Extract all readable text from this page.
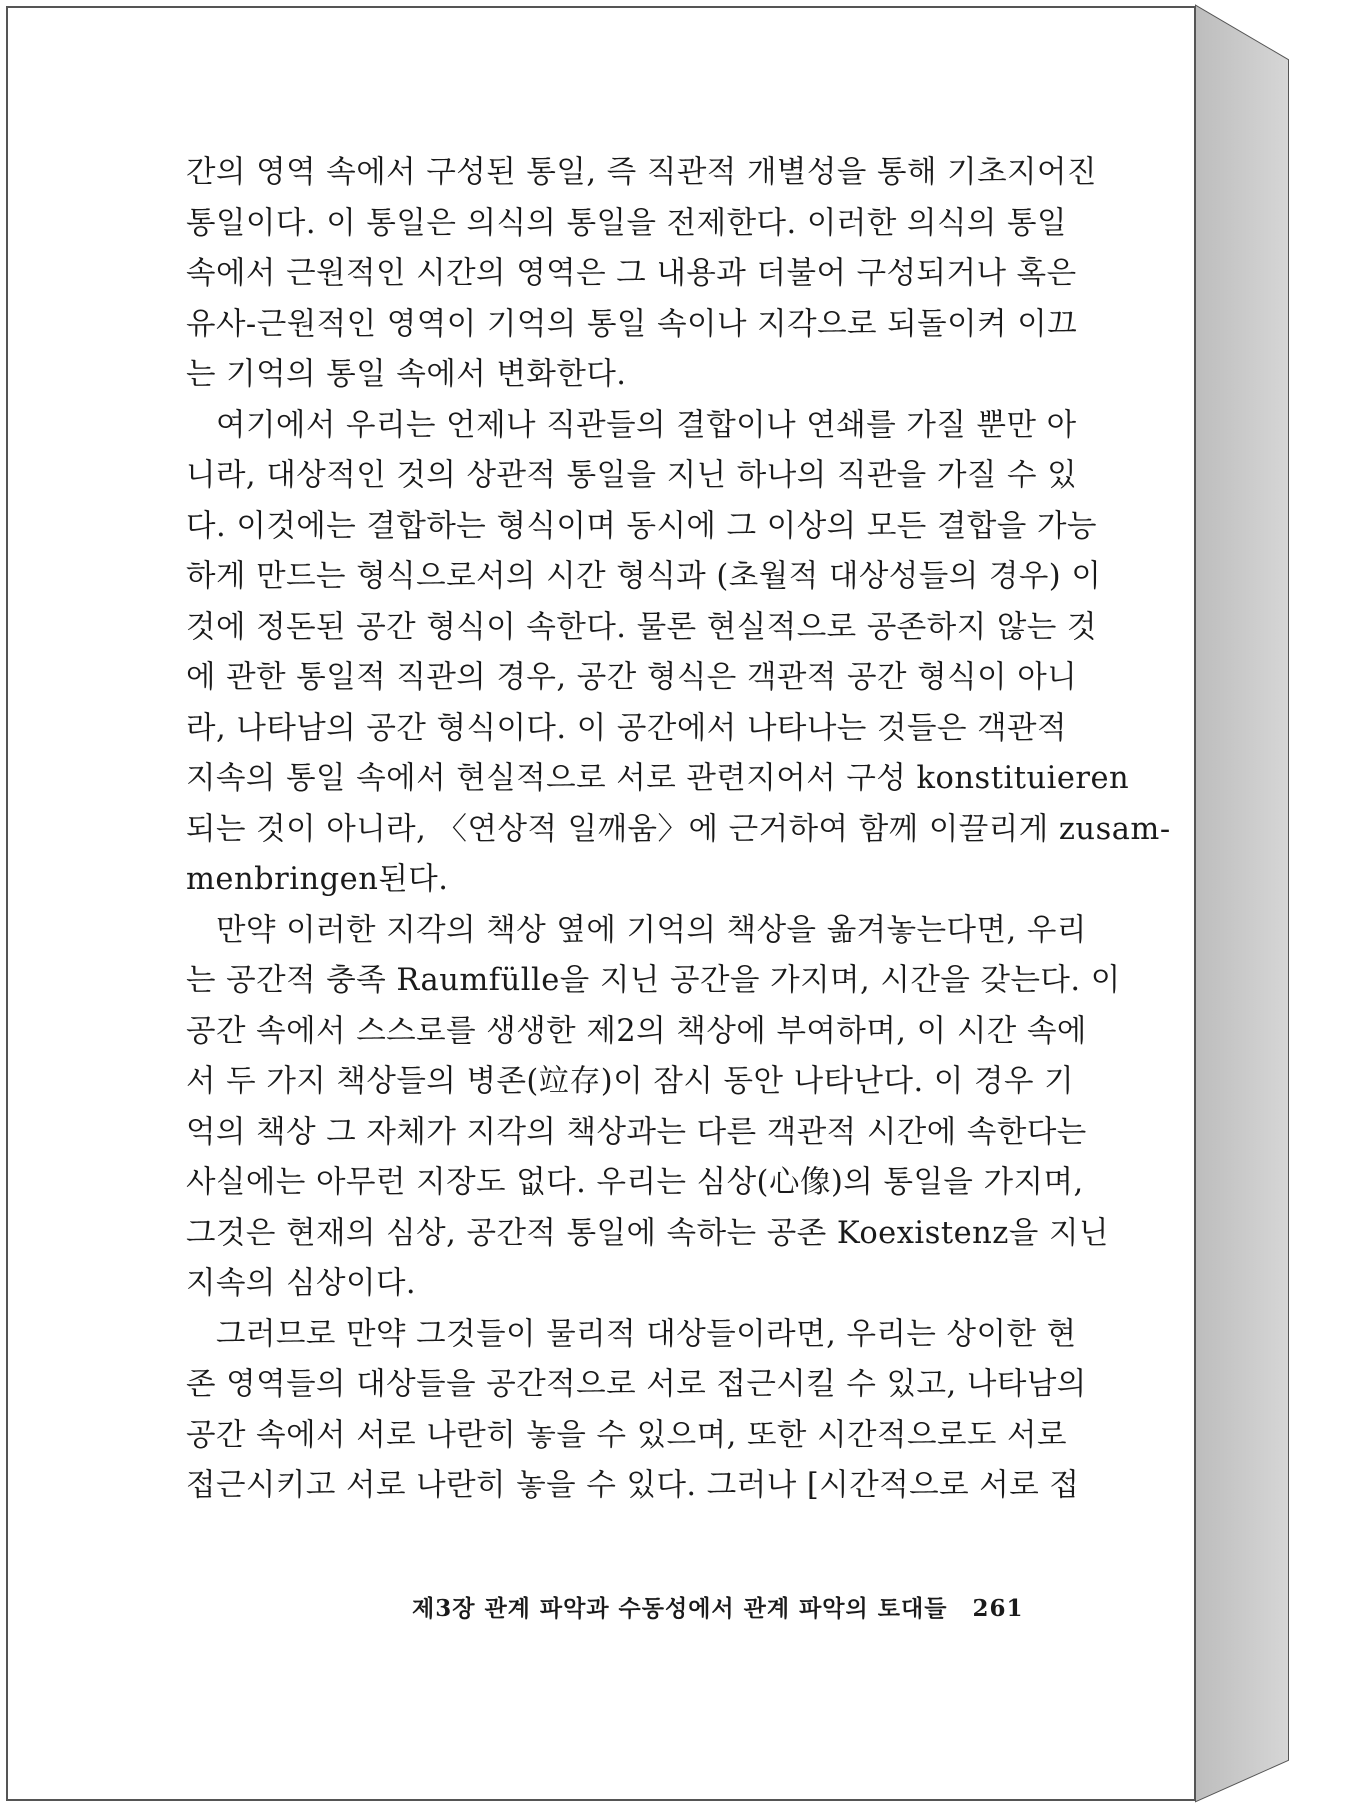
간의 영역 속에서 구성된 통일, 즉 직관적 개별성을 통해 기초지어진
통일이다. 이 통일은 의식의 통일을 전제한다. 이러한 의식의 통일
속에서 근원적인 시간의 영역은 그 내용과 더불어 구성되거나 혹은
유사-근원적인 영역이 기억의 통일 속이나 지각으로 되돌이켜 이끄
는 기억의 통일 속에서 변화한다.
여기에서 우리는 언제나 직관들의 결합이나 연쇄를 가질 뿐만 아
니라, 대상적인 것의 상관적 통일을 지닌 하나의 직관을 가질 수 있
다. 이것에는 결합하는 형식이며 동시에 그 이상의 모든 결합을 가능
하게 만드는 형식으로서의 시간 형식과 (초월적 대상성들의 경우) 이
것에 정돈된 공간 형식이 속한다. 물론 현실적으로 공존하지 않는 것
에 관한 통일적 직관의 경우, 공간 형식은 객관적 공간 형식이 아니
라, 나타남의 공간 형식이다. 이 공간에서 나타나는 것들은 객관적
지속의 통일 속에서 현실적으로 서로 관련지어서 구성 konstituieren
되는 것이 아니라, 〈연상적 일깨움〉에 근거하여 함께 이끌리게 zusam-
menbringen된다.
만약 이러한 지각의 책상 옆에 기억의 책상을 옮겨놓는다면, 우리
는 공간적 충족 Raumfülle을 지닌 공간을 가지며, 시간을 갖는다. 이
공간 속에서 스스로를 생생한 제2의 책상에 부여하며, 이 시간 속에
서 두 가지 책상들의 병존(竝存)이 잠시 동안 나타난다. 이 경우 기
억의 책상 그 자체가 지각의 책상과는 다른 객관적 시간에 속한다는
사실에는 아무런 지장도 없다. 우리는 심상(心像)의 통일을 가지며,
그것은 현재의 심상, 공간적 통일에 속하는 공존 Koexistenz을 지닌
지속의 심상이다.
그러므로 만약 그것들이 물리적 대상들이라면, 우리는 상이한 현
존 영역들의 대상들을 공간적으로 서로 접근시킬 수 있고, 나타남의
공간 속에서 서로 나란히 놓을 수 있으며, 또한 시간적으로도 서로
접근시키고 서로 나란히 놓을 수 있다. 그러나 [시간적으로 서로 접
제3장 관계 파악과 수동성에서 관계 파악의 토대들 261
